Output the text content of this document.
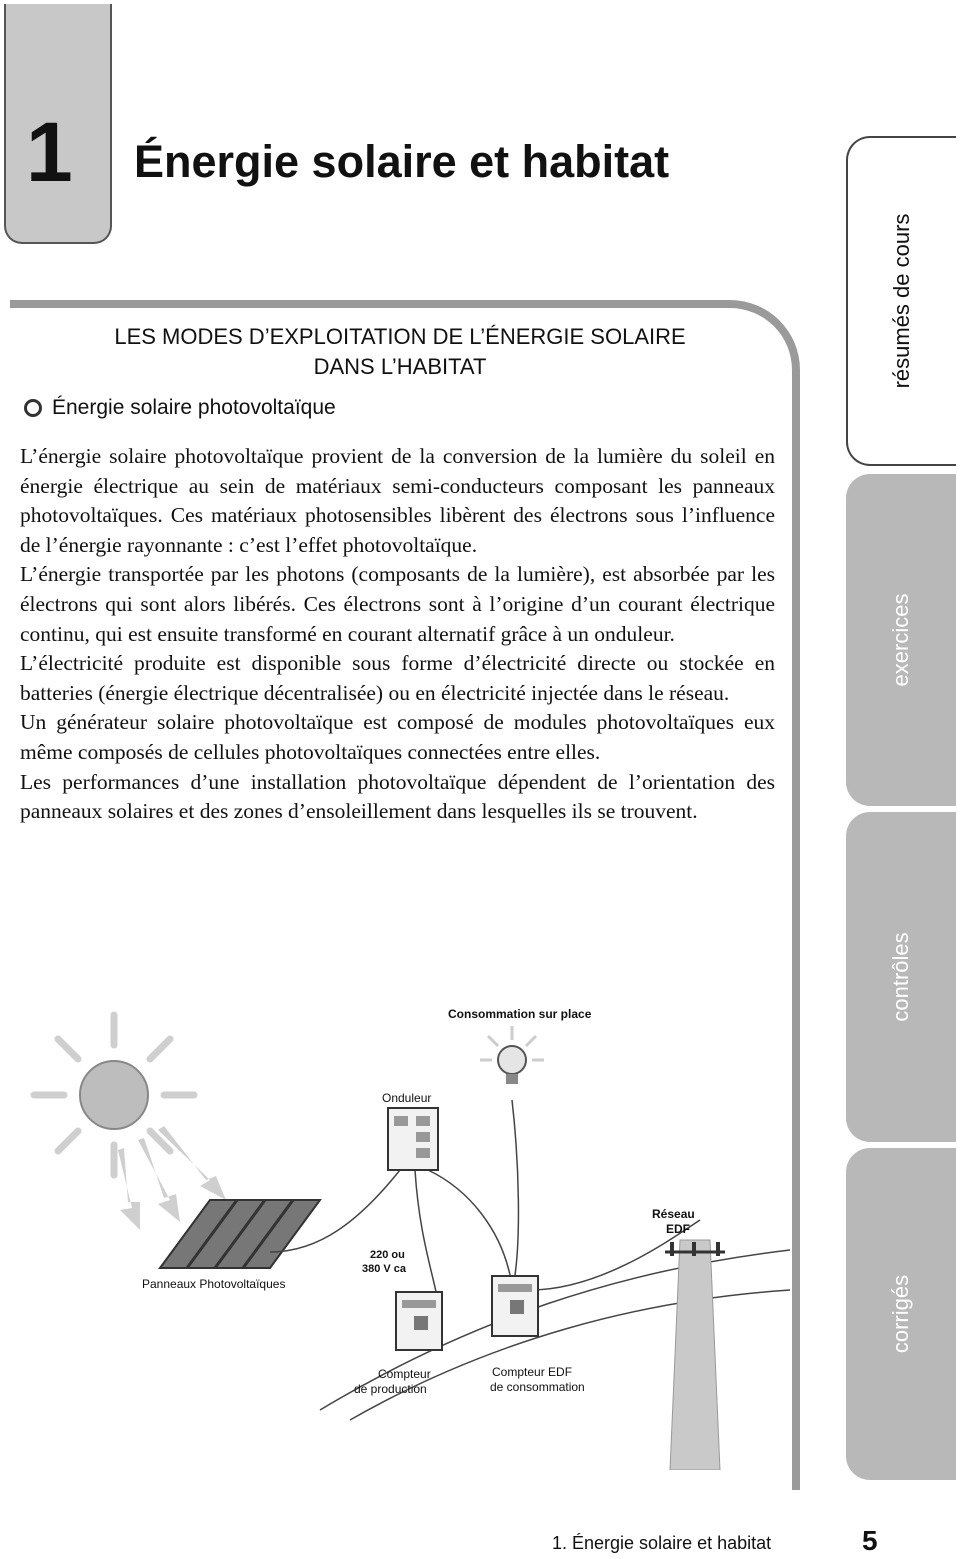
1 Énergie solaire et habitat
LES MODES D’EXPLOITATION DE L’ÉNERGIE SOLAIRE
DANS L’HABITAT
Énergie solaire photovoltaïque

L’énergie solaire photovoltaïque provient de la conversion de la lumière du soleil en énergie électrique au sein de matériaux semi-conducteurs composant les panneaux photovoltaïques. Ces matériaux photosensibles libèrent des électrons sous l’influence de l’énergie rayonnante : c’est l’effet photovoltaïque.

L’énergie transportée par les photons (composants de la lumière), est absorbée par les électrons qui sont alors libérés. Ces électrons sont à l’origine d’un courant électrique continu, qui est ensuite transformé en courant alternatif grâce à un onduleur.

L’électricité produite est disponible sous forme d’électricité directe ou stockée en batteries (énergie électrique décentralisée) ou en électricité injectée dans le réseau.

Un générateur solaire photovoltaïque est composé de modules photovoltaïques eux même composés de cellules photovoltaïques connectées entre elles.

Les performances d’une installation photovoltaïque dépendent de l’orientation des panneaux solaires et des zones d’ensoleillement dans lesquelles ils se trouvent.

Panneaux Photovoltaïques
220 ou
380 V ca
Onduleur
Consommation sur place
Compteur
de production
Compteur EDF
de consommation
Réseau
EDF
résumés de cours
exercices
contrôles
corrigés
1. Énergie solaire et habitat	5
